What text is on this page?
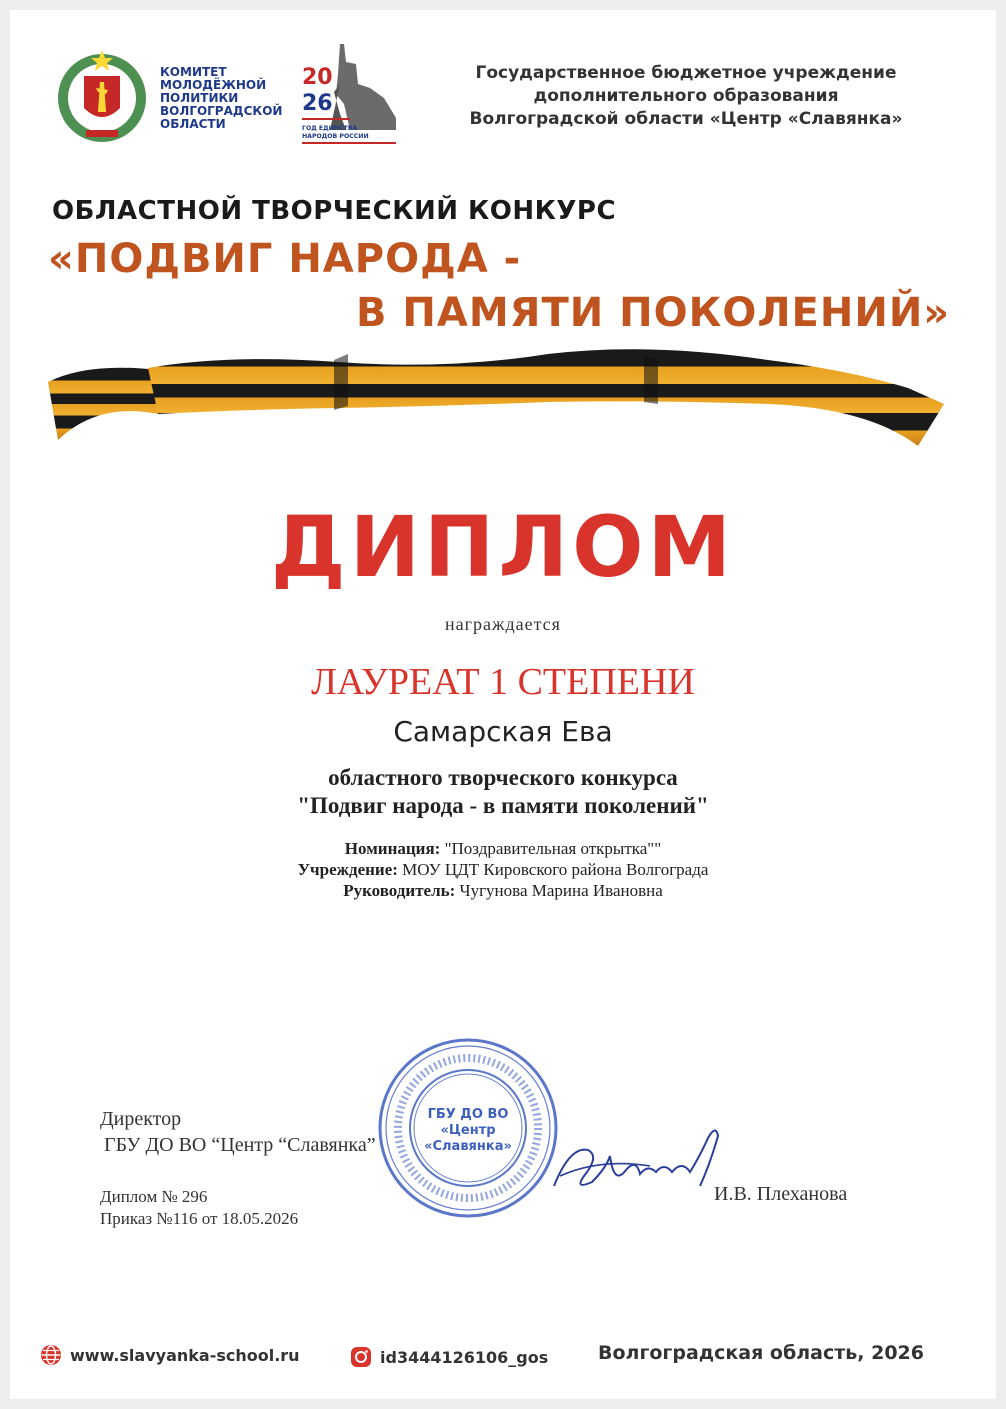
КОМИТЕТ
МОЛОДЁЖНОЙ
ПОЛИТИКИ
ВОЛГОГРАДСКОЙ
ОБЛАСТИ
20
26
ГОД ЕДИНСТВА
НАРОДОВ РОССИИ
Государственное бюджетное учреждение
дополнительного образования
Волгоградской области «Центр «Славянка»
ОБЛАСТНОЙ ТВОРЧЕСКИЙ КОНКУРС
«ПОДВИГ НАРОДА -
В ПАМЯТИ ПОКОЛЕНИЙ»
ДИПЛОМ
награждается
ЛАУРЕАТ 1 СТЕПЕНИ
Самарская Ева
областного творческого конкурса
"Подвиг народа - в памяти поколений"
Номинация: "Поздравительная открытка""
Учреждение: МОУ ЦДТ Кировского района Волгограда
Руководитель: Чугунова Марина Ивановна
Директор
ГБУ ДО ВО “Центр “Славянка”
Диплом № 296
Приказ №116 от 18.05.2026
ГБУ ДО ВО
«Центр
«Славянка»
И.В. Плеханова
www.slavyanka-school.ru	id3444126106_gos	Волгоградская область, 2026
